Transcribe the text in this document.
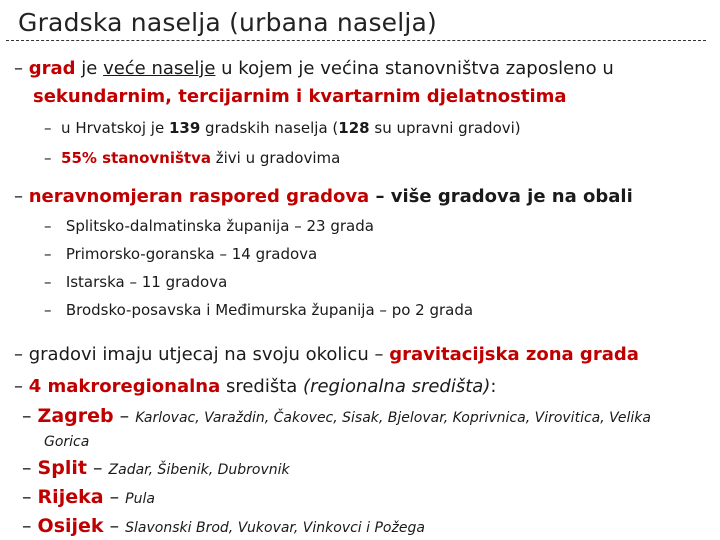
Gradska naselja (urbana naselja)
– grad je veće naselje u kojem je većina stanovništva zaposleno u
sekundarnim, tercijarnim i kvartarnim djelatnostima
– u Hrvatskoj je 139 gradskih naselja (128 su upravni gradovi)
– 55% stanovništva živi u gradovima
– neravnomjeran raspored gradova – više gradova je na obali
– Splitsko-dalmatinska županija – 23 grada
– Primorsko-goranska – 14 gradova
– Istarska – 11 gradova
– Brodsko-posavska i Međimurska županija – po 2 grada
– gradovi imaju utjecaj na svoju okolicu – gravitacijska zona grada
– 4 makroregionalna središta (regionalna središta):
– Zagreb – Karlovac, Varaždin, Čakovec, Sisak, Bjelovar, Koprivnica, Virovitica, Velika
Gorica
– Split – Zadar, Šibenik, Dubrovnik
– Rijeka – Pula
– Osijek – Slavonski Brod, Vukovar, Vinkovci i Požega
